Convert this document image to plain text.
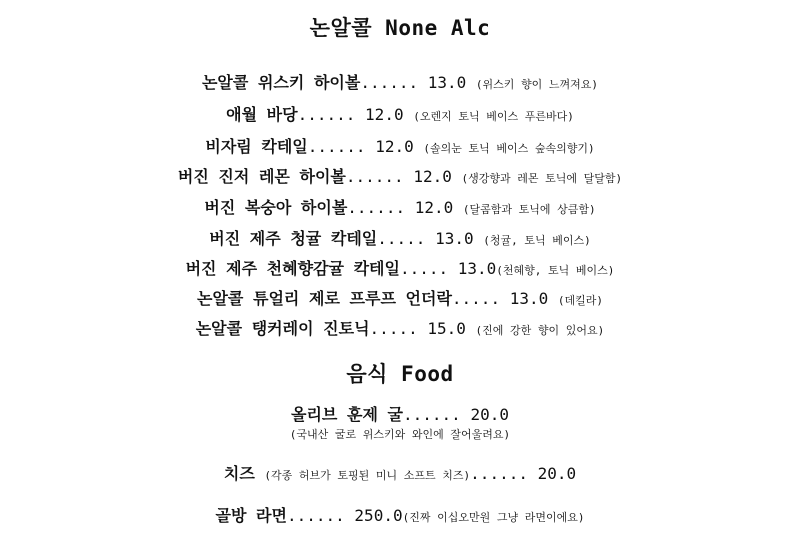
논알콜 None Alc
논알콜 위스키 하이볼...... 13.0 (위스키 향이 느껴져요)
애월 바당...... 12.0 (오렌지 토닉 베이스 푸른바다)
비자림 칵테일...... 12.0 (솔의눈 토닉 베이스 숲속의향기)
버진 진저 레몬 하이볼...... 12.0 (생강향과 레몬 토닉에 달달함)
버진 복숭아 하이볼...... 12.0 (달콤함과 토닉에 상큼함)
버진 제주 청귤 칵테일..... 13.0 (청귤, 토닉 베이스)
버진 제주 천혜향감귤 칵테일..... 13.0(천혜향, 토닉 베이스)
논알콜 튜얼리 제로 프루프 언더락..... 13.0 (데킬라)
논알콜 탱커레이 진토닉..... 15.0 (진에 강한 향이 있어요)
음식 Food
올리브 훈제 굴...... 20.0
(국내산 굴로 위스키와 와인에 잘어울려요)
치즈 (각종 허브가 토핑된 미니 소프트 치즈)...... 20.0
골방 라면...... 250.0(진짜 이십오만원 그냥 라면이에요)
